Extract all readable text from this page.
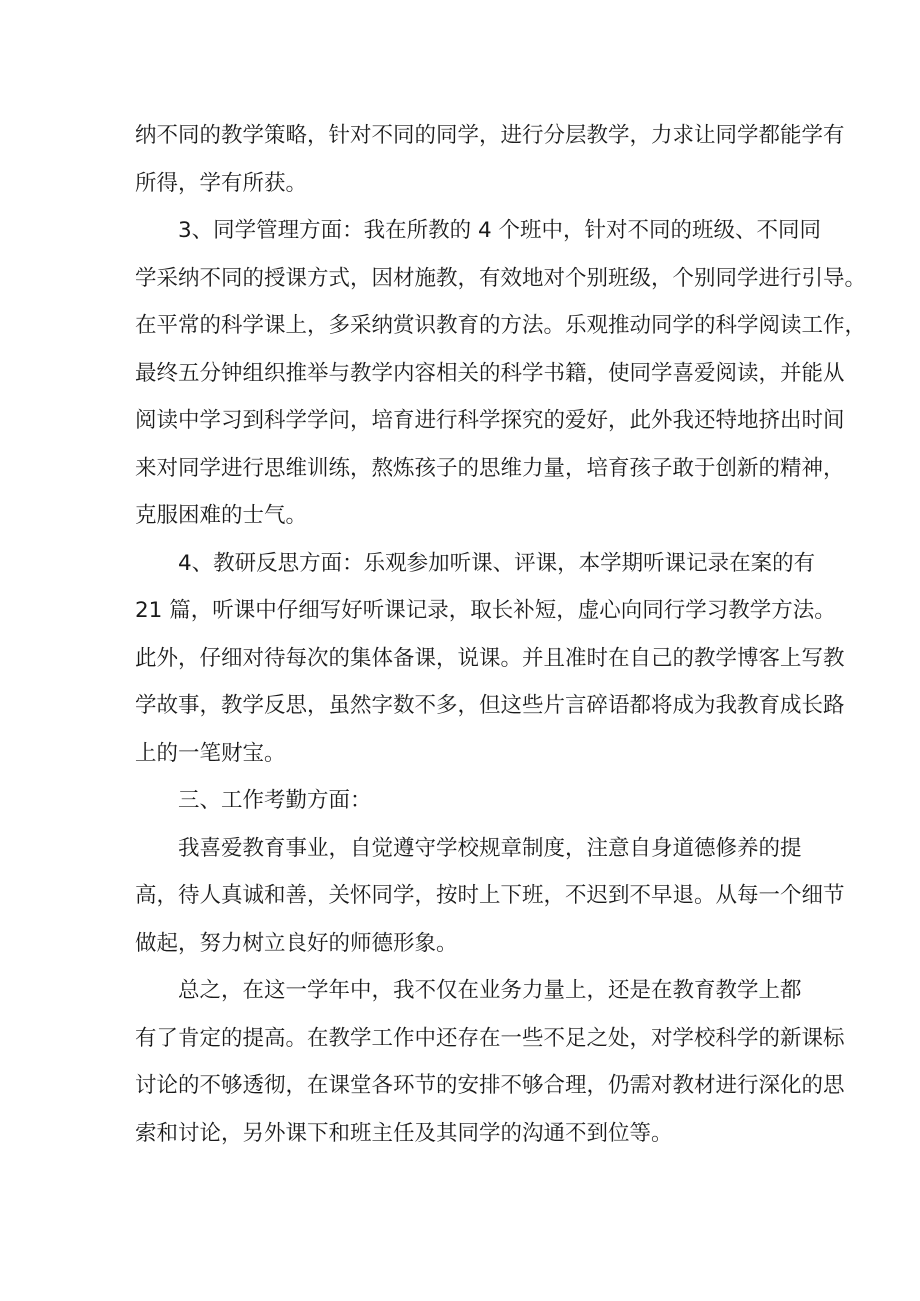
纳不同的教学策略，针对不同的同学，进行分层教学，力求让同学都能学有
所得，学有所获。

3、同学管理方面：我在所教的 4 个班中，针对不同的班级、不同同
学采纳不同的授课方式，因材施教，有效地对个别班级，个别同学进行引导。
在平常的科学课上，多采纳赏识教育的方法。乐观推动同学的科学阅读工作，
最终五分钟组织推举与教学内容相关的科学书籍，使同学喜爱阅读，并能从
阅读中学习到科学学问，培育进行科学探究的爱好，此外我还特地挤出时间
来对同学进行思维训练，熬炼孩子的思维力量，培育孩子敢于创新的精神，
克服困难的士气。

4、教研反思方面：乐观参加听课、评课，本学期听课记录在案的有
21 篇，听课中仔细写好听课记录，取长补短，虚心向同行学习教学方法。
此外，仔细对待每次的集体备课，说课。并且准时在自己的教学博客上写教
学故事，教学反思，虽然字数不多，但这些片言碎语都将成为我教育成长路
上的一笔财宝。

三、工作考勤方面：

我喜爱教育事业，自觉遵守学校规章制度，注意自身道德修养的提
高，待人真诚和善，关怀同学，按时上下班，不迟到不早退。从每一个细节
做起，努力树立良好的师德形象。

总之，在这一学年中，我不仅在业务力量上，还是在教育教学上都
有了肯定的提高。在教学工作中还存在一些不足之处，对学校科学的新课标
讨论的不够透彻，在课堂各环节的安排不够合理，仍需对教材进行深化的思
索和讨论，另外课下和班主任及其同学的沟通不到位等。
